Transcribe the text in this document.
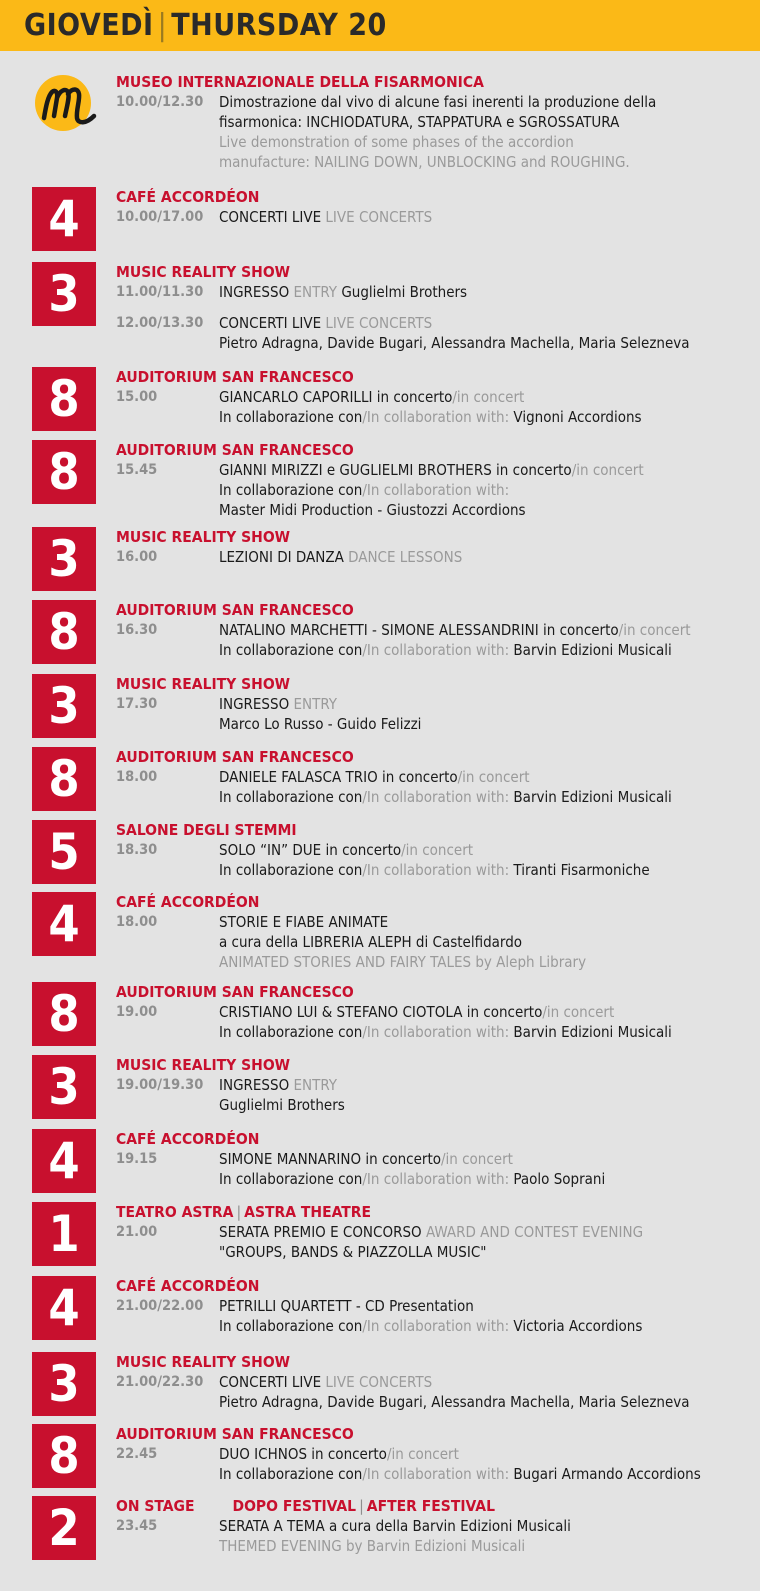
GIOVEDÌ | THURSDAY 20
MUSEO INTERNAZIONALE DELLA FISARMONICA
10.00/12.30 Dimostrazione dal vivo di alcune fasi inerenti la produzione della
fisarmonica: INCHIODATURA, STAPPATURA e SGROSSATURA
Live demonstration of some phases of the accordion
manufacture: NAILING DOWN, UNBLOCKING and ROUGHING.
4	CAFÉ ACCORDÉON
10.00/17.00 CONCERTI LIVE LIVE CONCERTS
3	MUSIC REALITY SHOW
11.00/11.30 INGRESSO ENTRY Guglielmi Brothers
12.00/13.30 CONCERTI LIVE LIVE CONCERTS
Pietro Adragna, Davide Bugari, Alessandra Machella, Maria Selezneva
8	AUDITORIUM SAN FRANCESCO
15.00	GIANCARLO CAPORILLI in concerto/in concert
In collaborazione con/In collaboration with: Vignoni Accordions
8	AUDITORIUM SAN FRANCESCO
15.45	GIANNI MIRIZZI e GUGLIELMI BROTHERS in concerto/in concert
In collaborazione con/In collaboration with:
Master Midi Production - Giustozzi Accordions
3	MUSIC REALITY SHOW
16.00	LEZIONI DI DANZA DANCE LESSONS
8	AUDITORIUM SAN FRANCESCO
16.30	NATALINO MARCHETTI - SIMONE ALESSANDRINI in concerto/in concert
In collaborazione con/In collaboration with: Barvin Edizioni Musicali
3	MUSIC REALITY SHOW
17.30	INGRESSO ENTRY
Marco Lo Russo - Guido Felizzi
8	AUDITORIUM SAN FRANCESCO
18.00	DANIELE FALASCA TRIO in concerto/in concert
In collaborazione con/In collaboration with: Barvin Edizioni Musicali
5	SALONE DEGLI STEMMI
18.30	SOLO “IN” DUE in concerto/in concert
In collaborazione con/In collaboration with: Tiranti Fisarmoniche
4	CAFÉ ACCORDÉON
18.00	STORIE E FIABE ANIMATE
a cura della LIBRERIA ALEPH di Castelfidardo
ANIMATED STORIES AND FAIRY TALES by Aleph Library
8	AUDITORIUM SAN FRANCESCO
19.00	CRISTIANO LUI & STEFANO CIOTOLA in concerto/in concert
In collaborazione con/In collaboration with: Barvin Edizioni Musicali
3	MUSIC REALITY SHOW
19.00/19.30 INGRESSO ENTRY
Guglielmi Brothers
4	CAFÉ ACCORDÉON
19.15	SIMONE MANNARINO in concerto/in concert
In collaborazione con/In collaboration with: Paolo Soprani
1	TEATRO ASTRA | ASTRA THEATRE
21.00	SERATA PREMIO E CONCORSO AWARD AND CONTEST EVENING
"GROUPS, BANDS & PIAZZOLLA MUSIC"
4	CAFÉ ACCORDÉON
21.00/22.00 PETRILLI QUARTETT - CD Presentation
In collaborazione con/In collaboration with: Victoria Accordions
3	MUSIC REALITY SHOW
21.00/22.30 CONCERTI LIVE LIVE CONCERTS
Pietro Adragna, Davide Bugari, Alessandra Machella, Maria Selezneva
8	AUDITORIUM SAN FRANCESCO
22.45	DUO ICHNOS in concerto/in concert
In collaborazione con/In collaboration with: Bugari Armando Accordions
2	ON STAGE DOPO FESTIVAL | AFTER FESTIVAL
23.45	SERATA A TEMA a cura della Barvin Edizioni Musicali
THEMED EVENING by Barvin Edizioni Musicali
